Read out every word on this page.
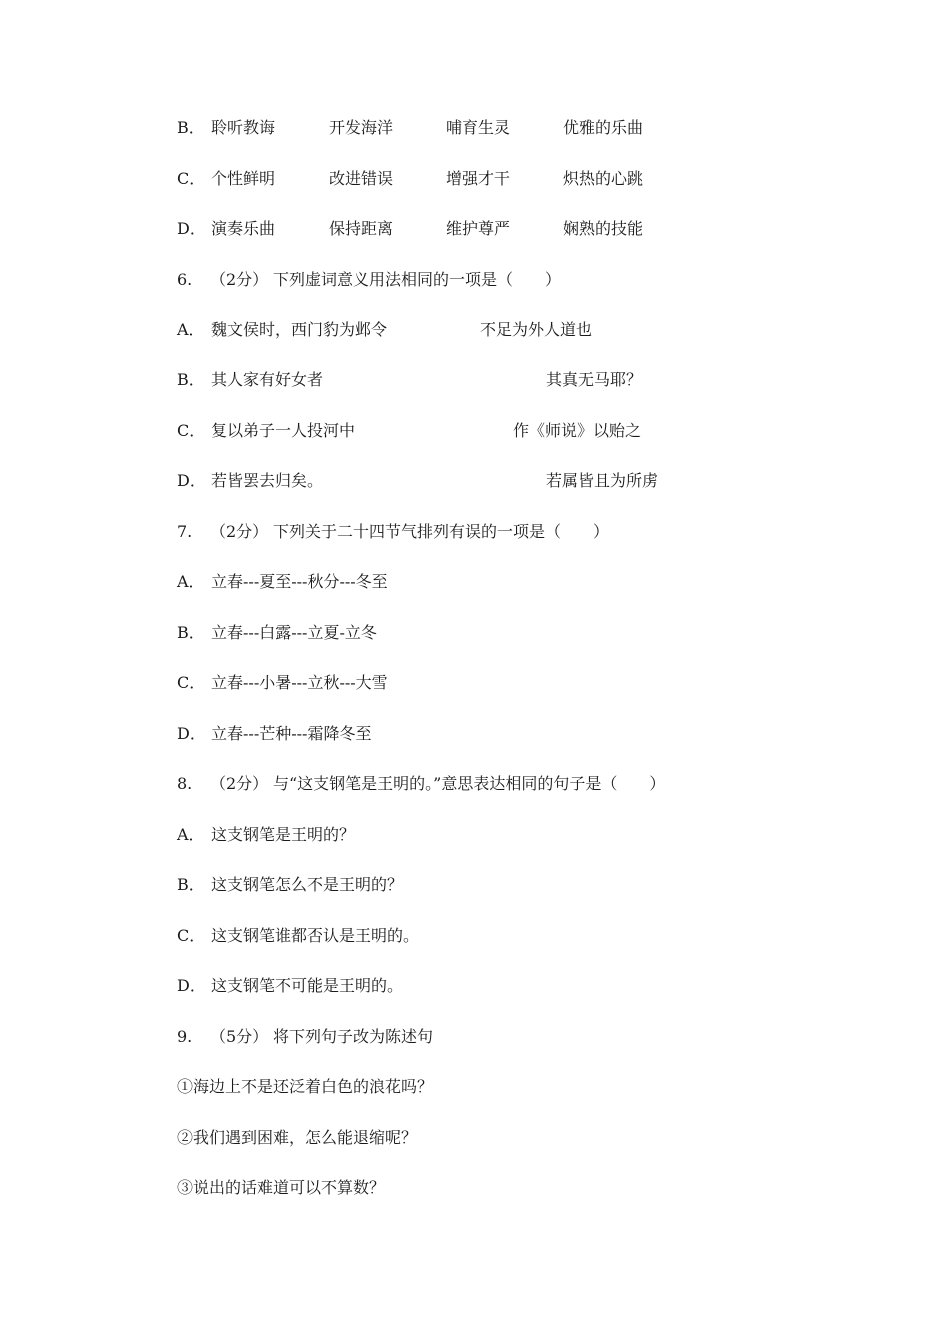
B． 聆听教诲	开发海洋	哺育生灵	优雅的乐曲
C． 个性鲜明	改进错误	增强才干	炽热的心跳
D． 演奏乐曲	保持距离	维护尊严	娴熟的技能
6. （2分） 下列虚词意义用法相同的一项是（　　）
A． 魏文侯时，西门豹为邺令	不足为外人道也
B． 其人家有好女者	其真无马耶？
C． 复以弟子一人投河中	作《师说》以贻之
D． 若皆罢去归矣。	若属皆且为所虏
7. （2分） 下列关于二十四节气排列有误的一项是（　　）
A． 立春---夏至---秋分---冬至
B． 立春---白露---立夏-立冬
C． 立春---小暑---立秋---大雪
D． 立春---芒种---霜降冬至
8. （2分） 与“这支钢笔是王明的。”意思表达相同的句子是（　　）
A． 这支钢笔是王明的？
B． 这支钢笔怎么不是王明的？
C． 这支钢笔谁都否认是王明的。
D． 这支钢笔不可能是王明的。
9. （5分） 将下列句子改为陈述句
①海边上不是还泛着白色的浪花吗？
②我们遇到困难，怎么能退缩呢？
③说出的话难道可以不算数？
